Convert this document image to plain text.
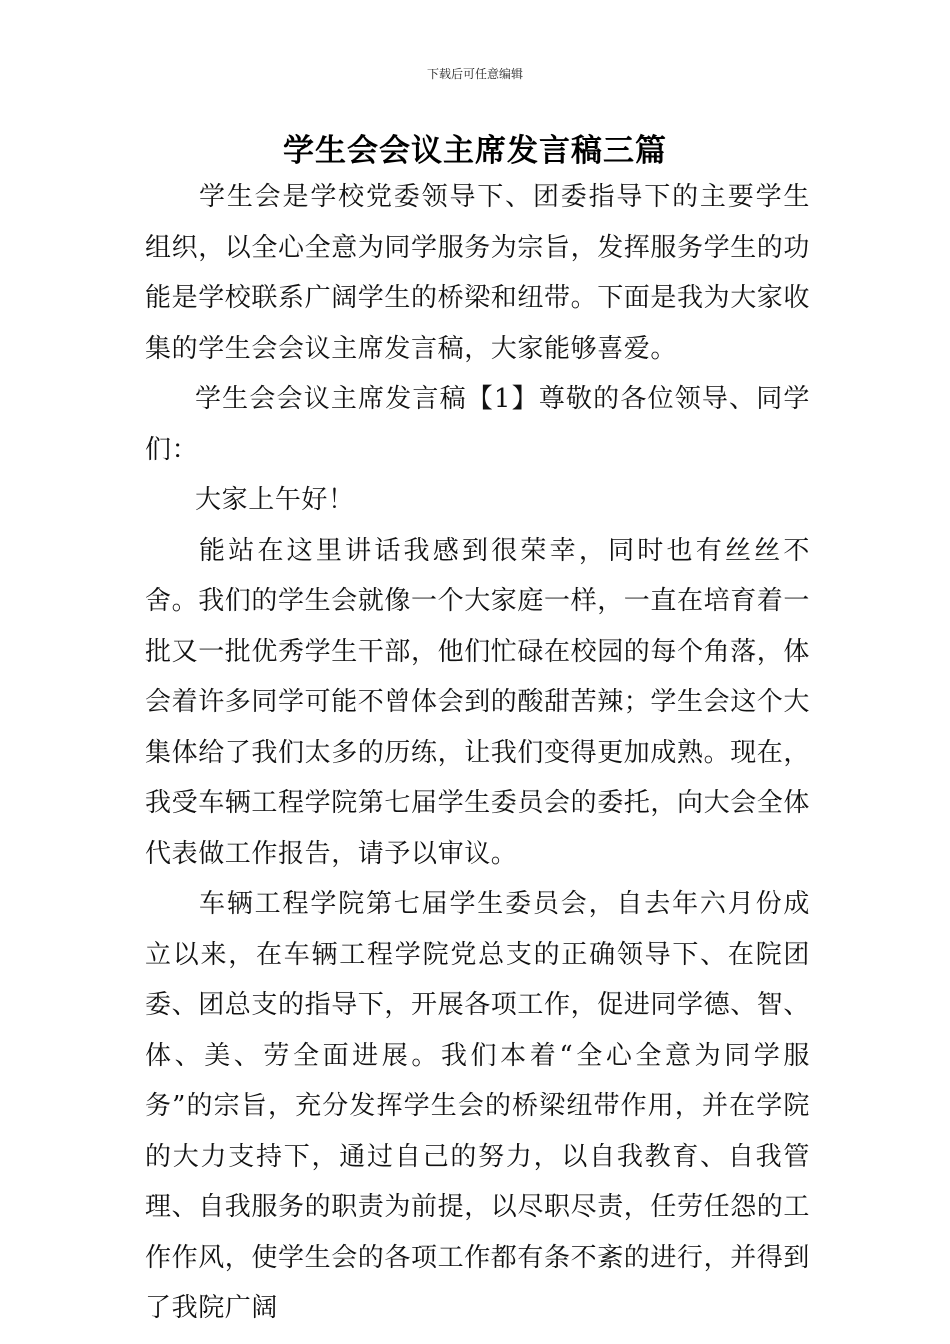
下载后可任意编辑
学生会会议主席发言稿三篇

学生会是学校党委领导下、团委指导下的主要学生组织，以全心全意为同学服务为宗旨，发挥服务学生的功能是学校联系广阔学生的桥梁和纽带。下面是我为大家收集的学生会会议主席发言稿，大家能够喜爱。

学生会会议主席发言稿【1】尊敬的各位领导、同学们：

大家上午好！

能站在这里讲话我感到很荣幸，同时也有丝丝不舍。我们的学生会就像一个大家庭一样，一直在培育着一批又一批优秀学生干部，他们忙碌在校园的每个角落，体会着许多同学可能不曾体会到的酸甜苦辣；学生会这个大集体给了我们太多的历练，让我们变得更加成熟。现在，我受车辆工程学院第七届学生委员会的委托，向大会全体代表做工作报告，请予以审议。

车辆工程学院第七届学生委员会，自去年六月份成立以来，在车辆工程学院党总支的正确领导下、在院团委、团总支的指导下，开展各项工作，促进同学德、智、体、美、劳全面进展。我们本着“全心全意为同学服务”的宗旨，充分发挥学生会的桥梁纽带作用，并在学院的大力支持下，通过自己的努力，以自我教育、自我管理、自我服务的职责为前提，以尽职尽责，任劳任怨的工作作风，使学生会的各项工作都有条不紊的进行，并得到了我院广阔
